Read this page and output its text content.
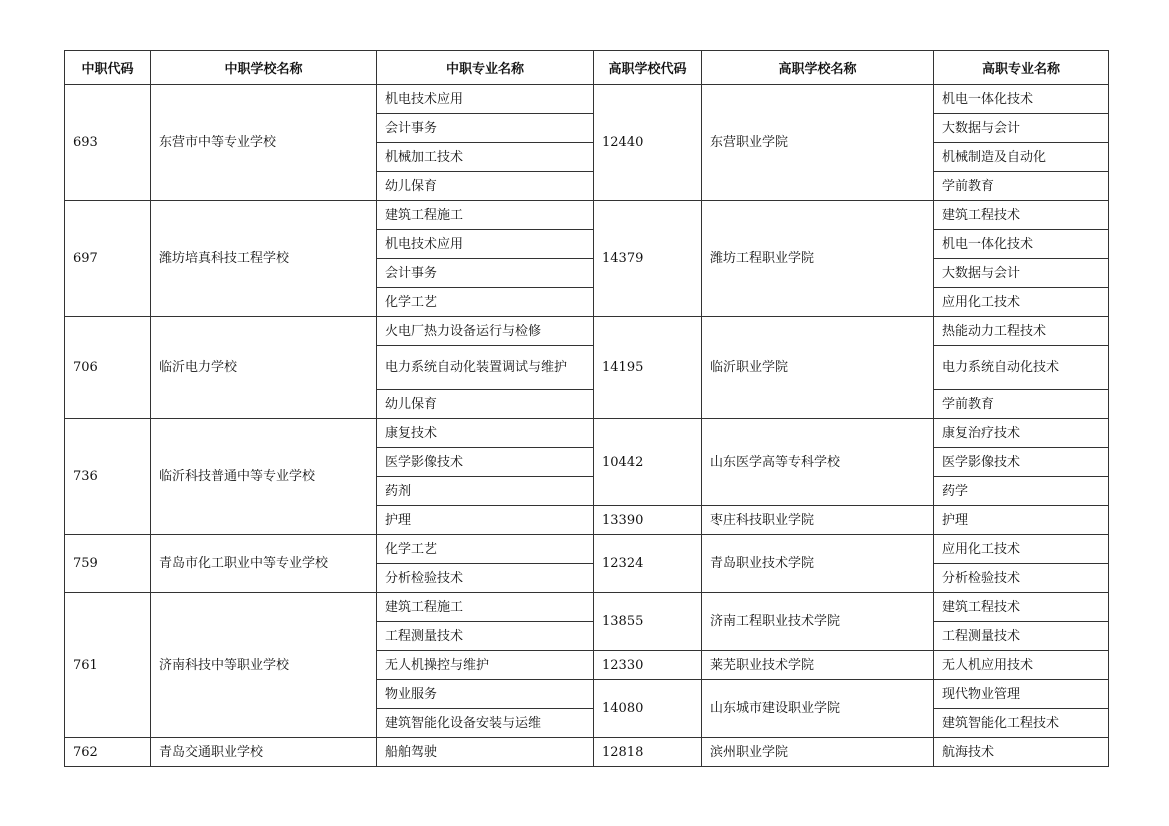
中职代码	中职学校名称	中职专业名称	高职学校代码	高职学校名称	高职专业名称
693	东营市中等专业学校	机电技术应用	12440	东营职业学院	机电一体化技术
		会计事务			大数据与会计
		机械加工技术			机械制造及自动化
		幼儿保育			学前教育
697	潍坊培真科技工程学校	建筑工程施工	14379	潍坊工程职业学院	建筑工程技术
		机电技术应用			机电一体化技术
		会计事务			大数据与会计
		化学工艺			应用化工技术
706	临沂电力学校	火电厂热力设备运行与检修	14195	临沂职业学院	热能动力工程技术
		电力系统自动化装置调试与维护			电力系统自动化技术
		幼儿保育			学前教育
736	临沂科技普通中等专业学校	康复技术	10442	山东医学高等专科学校	康复治疗技术
		医学影像技术			医学影像技术
		药剂			药学
		护理	13390	枣庄科技职业学院	护理
759	青岛市化工职业中等专业学校	化学工艺	12324	青岛职业技术学院	应用化工技术
		分析检验技术			分析检验技术
761	济南科技中等职业学校	建筑工程施工	13855	济南工程职业技术学院	建筑工程技术
		工程测量技术			工程测量技术
		无人机操控与维护	12330	莱芜职业技术学院	无人机应用技术
		物业服务	14080	山东城市建设职业学院	现代物业管理
		建筑智能化设备安装与运维			建筑智能化工程技术
762	青岛交通职业学校	船舶驾驶	12818	滨州职业学院	航海技术
